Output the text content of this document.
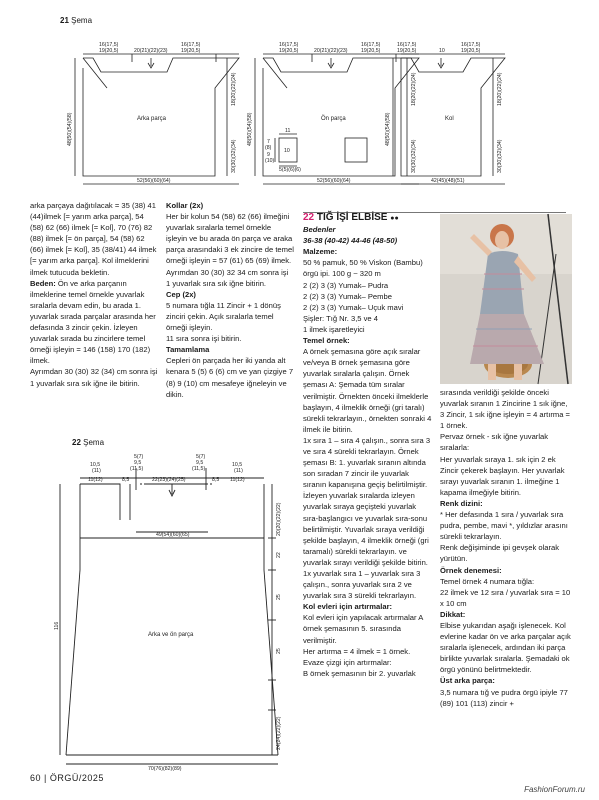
21 Şema
16(17,5)
19(20,5)	20(21)(22)(23)
16(17,5)
19(20,5)
Arka parça
18(20)(22)(24)
30(30)(32)(34)
48(50)(54)(58)
52(56)(60)(64)
16(17,5)
19(20,5)	20(21)(22)(23)
16(17,5)
19(20,5)
Ön parça
18(20)(22)(24)
30(30)(32)(34)
48(50)(54)(58)
52(56)(60)(64)
7
(8)
9
(10)
11
10
5(5)(6)(6)
16(17,5)
19(20,5)	10
16(17,5)
19(20,5)
Kol
18(20)(22)(24)
30(30)(32)(34)
48(50)(54)(58)
42(45)(48)(51)

arka parçaya dağıtılacak = 35 (38) 41 (44)ilmek [= yarım arka parça], 54 (58) 62 (66) ilmek [= Kol], 70 (76) 82 (88) ilmek [= ön parça], 54 (58) 62 (66) ilmek [= Kol], 35 (38/41) 44 ilmek [= yarım arka parça]. Kol ilmeklerini ilmek tutucuda bekletin.

Beden: Ön ve arka parçanın ilmeklerine temel örnekle yuvarlak sıralarla devam edin, bu arada 1. yuvarlak sırada parçalar arasında her defasında 3 zincir çekin. İzleyen yuvarlak sırada bu zincirlere temel örneği işleyin = 146 (158) 170 (182) ilmek.

Ayrımdan 30 (30) 32 (34) cm sonra işi 1 yuvarlak sıra sık iğne ile bitirin.

Kollar (2x)

Her bir kolun 54 (58) 62 (66) ilmeğini yuvarlak sıralarla temel örnekle işleyin ve bu arada ön parça ve araka parça arasındaki 3 ek zincire de temel örneği işleyin = 57 (61) 65 (69) ilmek.

Ayrımdan 30 (30) 32 34 cm sonra işi 1 yuvarlak sıra sık iğne bitirin.

Cep (2x)

5 numara tığla 11 Zincir + 1 dönüş zinciri çekin. Açık sıralarla temel örneği işleyin.

11 sıra sonra işi bitirin.

Tamamlama

Cepleri ön parçada her iki yanda alt kenara 5 (5) 6 (6) cm ve yan çizgiye 7 (8) 9 (10) cm mesafeye iğneleyin ve dikin.

22 Şema
10,5
(11)
11(12)	8,5	22(23)(24)(25)	8,5
10,5
(11)
11(12)
5(7)
9,5
(11,5)
5(7)
9,5
(11,5)
49(54)(60)(65)
Arka ve ön parça
20(20)(22)(22)
22
25
25
24(24)(22)(22)
116
70(76)(82)(89)

22 TIĞ İŞİ ELBİSE ●●

Bedenler

36-38 (40-42) 44-46 (48-50)

Malzeme:

50 % pamuk, 50 % Viskon (Bambu) örgü ipi. 100 g ~ 320 m

2 (2) 3 (3) Yumak– Pudra

2 (2) 3 (3) Yumak– Pembe

2 (2) 3 (3) Yumak– Uçuk mavi

Şişler: Tığ Nr. 3,5 ve 4

1 ilmek işaretleyici

Temel örnek:

A örnek şemasına göre açık sıralar ve/veya B örnek şemasına göre yuvarlak sıralarla çalışın. Örnek şeması A: Şemada tüm sıralar verilmiştir. Örnekten önceki ilmeklerle başlayın, 4 ilmeklik örneği (gri taralı) sürekli tekrarlayın., örnekten sonraki 4 ilmek ile bitirin.

1x sıra 1 – sıra 4 çalışın., sonra sıra 3 ve sıra 4 sürekli tekrarlayın. Örnek şeması B: 1. yuvarlak sıranın altında son sıradan 7 zincir ile yuvarlak sıranın kapanışına geçiş belirtilmiştir. İzleyen yuvarlak sıralarda izleyen yuvarlak sıraya geçişteki yuvarlak sıra-başlangıcı ve yuvarlak sıra-sonu belirtilmiştir. Yuvarlak sıraya verildiği şekilde başlayın, 4 ilmeklik örneği (gri taramalı) sürekli tekrarlayın. ve yuvarlak sırayı verildiği şekilde bitirin. 1x yuvarlak sıra 1 – yuvarlak sıra 3 çalışın., sonra yuvarlak sıra 2 ve yuvarlak sıra 3 sürekli tekrarlayın.

Kol evleri için artırmalar:

Kol evleri için yapılacak artırmalar A örnek şemasının 5. sırasında verilmiştir.

Her artırma = 4 ilmek = 1 örnek.

Evaze çizgi için artırmalar:

B örnek şemasının bir 2. yuvarlak

sırasında verildiği şekilde önceki yuvarlak sıranın 1 Zincirine 1 sık iğne, 3 Zincir, 1 sık iğne işleyin = 4 artırma = 1 örnek.

Pervaz örnek - sık iğne yuvarlak sıralarla:

Her yuvarlak sıraya 1. sık için 2 ek Zincir çekerek başlayın. Her yuvarlak sırayı yuvarlak sıranın 1. ilmeğine 1 kapama ilmeğiyle bitirin.

Renk dizini:

* Her defasında 1 sıra / yuvarlak sıra pudra, pembe, mavi *, yıldızlar arasını sürekli tekrarlayın.

Renk değişiminde ipi gevşek olarak yürütün.

Örnek denemesi:

Temel örnek 4 numara tığla:

22 ilmek ve 12 sıra / yuvarlak sıra = 10 x 10 cm

Dikkat:

Elbise yukarıdan aşağı işlenecek. Kol evlerine kadar ön ve arka parçalar açık sıralarla işlenecek, ardından iki parça birlikte yuvarlak sıralarla. Şemadaki ok örgü yönünü belirtmektedir.

Üst arka parça:

3,5 numara tığ ve pudra örgü ipiyle 77 (89) 101 (113) zincir +

60 | ÖRGÜ/2025
FashionForum.ru
